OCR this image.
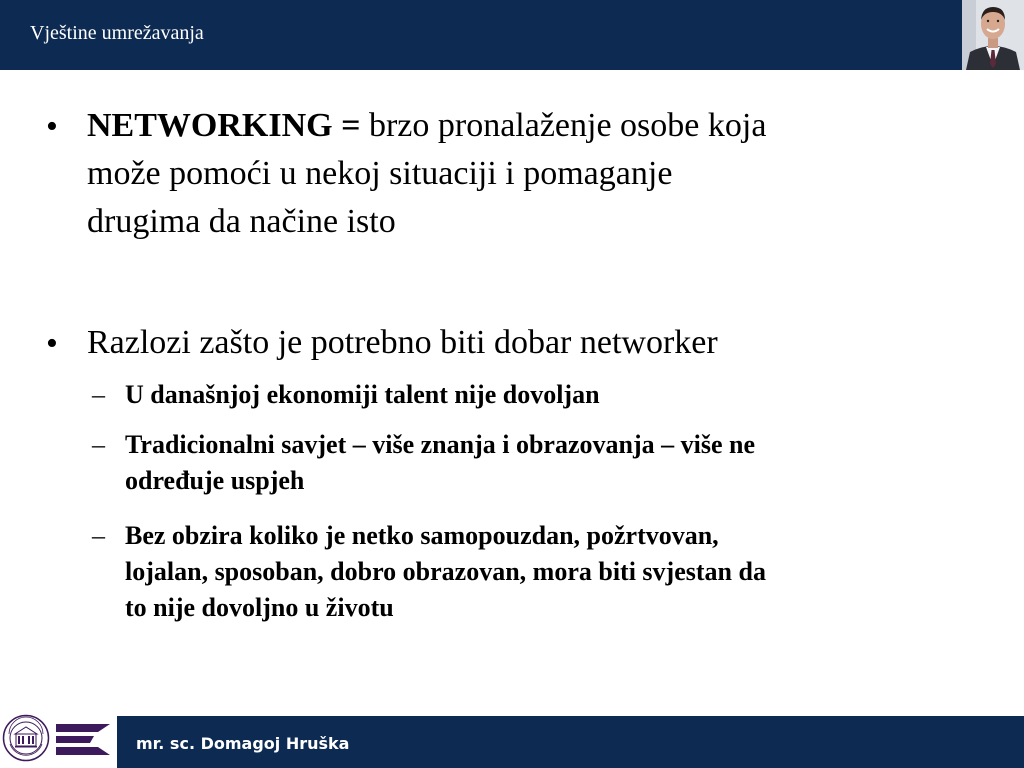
Vještine umrežavanja
• NETWORKING = brzo pronalaženje osobe koja
može pomoći u nekoj situaciji i pomaganje
drugima da načine isto
• Razlozi zašto je potrebno biti dobar networker
– U današnjoj ekonomiji talent nije dovoljan
– Tradicionalni savjet – više znanja i obrazovanja – više ne
određuje uspjeh
– Bez obzira koliko je netko samopouzdan, požrtvovan,
lojalan, sposoban, dobro obrazovan, mora biti svjestan da
to nije dovoljno u životu
mr. sc. Domagoj Hruška
